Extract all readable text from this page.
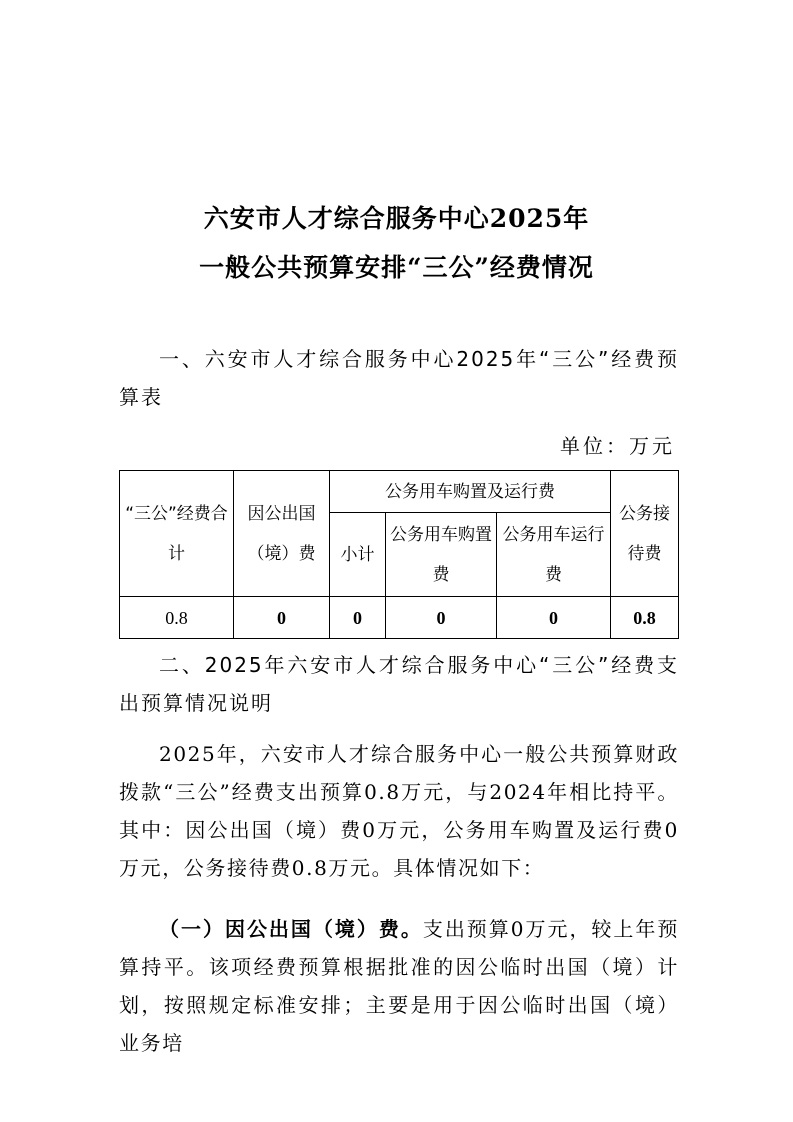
六安市人才综合服务中心2025年
一般公共预算安排“三公”经费情况

一、六安市人才综合服务中心2025年“三公”经费预算表

单位：万元
“三公”经费合计	因公出国（境）费	公务用车购置及运行费			公务接待费
		小计	公务用车购置费	公务用车运行费	
0.8	0	0	0	0	0.8

二、2025年六安市人才综合服务中心“三公”经费支出预算情况说明

2025年，六安市人才综合服务中心一般公共预算财政拨款“三公”经费支出预算0.8万元，与2024年相比持平。其中：因公出国（境）费0万元，公务用车购置及运行费0万元，公务接待费0.8万元。具体情况如下：

（一）因公出国（境）费。支出预算0万元，较上年预算持平。该项经费预算根据批准的因公临时出国（境）计划，按照规定标准安排；主要是用于因公临时出国（境）业务培
